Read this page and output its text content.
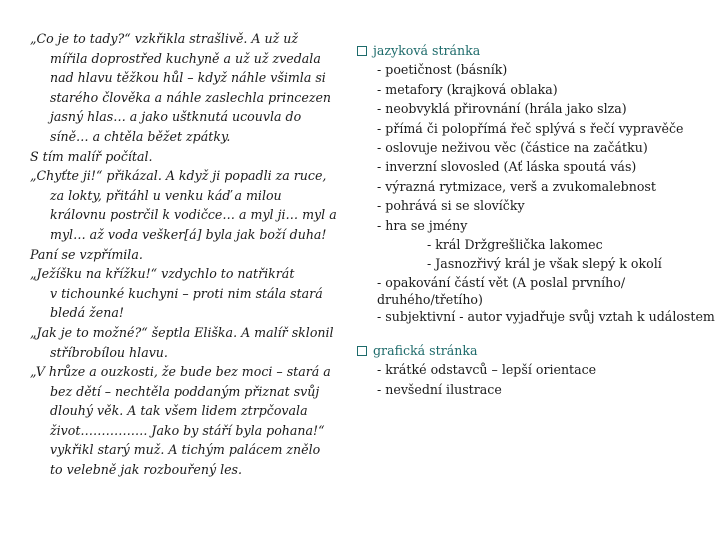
„Co je to tady?“ vzkřikla strašlivě. A už už

mířila doprostřed kuchyně a už už zvedala

nad hlavu těžkou hůl – když náhle všimla si

starého člověka a náhle zaslechla princezen

jasný hlas… a jako uštknutá ucouvla do

síně… a chtěla běžet zpátky.

S tím malíř počítal.

„Chyťte ji!“ přikázal. A když ji popadli za ruce,

za lokty, přitáhl u venku káď a milou

královnu postrčil k vodičce… a myl ji… myl a

myl… až voda vešker[á] byla jak boží duha!

Paní se vzpřímila.

„Ježíšku na křížku!“ vzdychlo to natřikrát

v tichounké kuchyni – proti nim stála stará

bledá žena!

„Jak je to možné?“ šeptla Eliška. A malíř sklonil

stříbrobílou hlavu.

„V hrůze a ouzkosti, že bude bez moci – stará a

bez dětí – nechtěla poddaným přiznat svůj

dlouhý věk. A tak všem lidem ztrpčovala

život……………. Jako by stáří byla pohana!“

vykřikl starý muž. A tichým palácem znělo

to velebně jak rozbouřený les.

jazyková stránka
- poetičnost (básník)
- metafory (krajková oblaka)
- neobvyklá přirovnání (hrála jako slza)
- přímá či polopřímá řeč splývá s řečí vypravěče
- oslovuje neživou věc (částice na začátku)
- inverzní slovosled (Ať láska spoutá vás)
- výrazná rytmizace, verš a zvukomalebnost
- pohrává si se slovíčky
- hra se jmény
- král Držgrešlička lakomec
- Jasnozřivý král je však slepý k okolí
- opakování částí vět (A poslal prvního/ druhého/třetího)
- subjektivní - autor vyjadřuje svůj vztah k událostem
grafická stránka
- krátké odstavců – lepší orientace
- nevšední ilustrace
